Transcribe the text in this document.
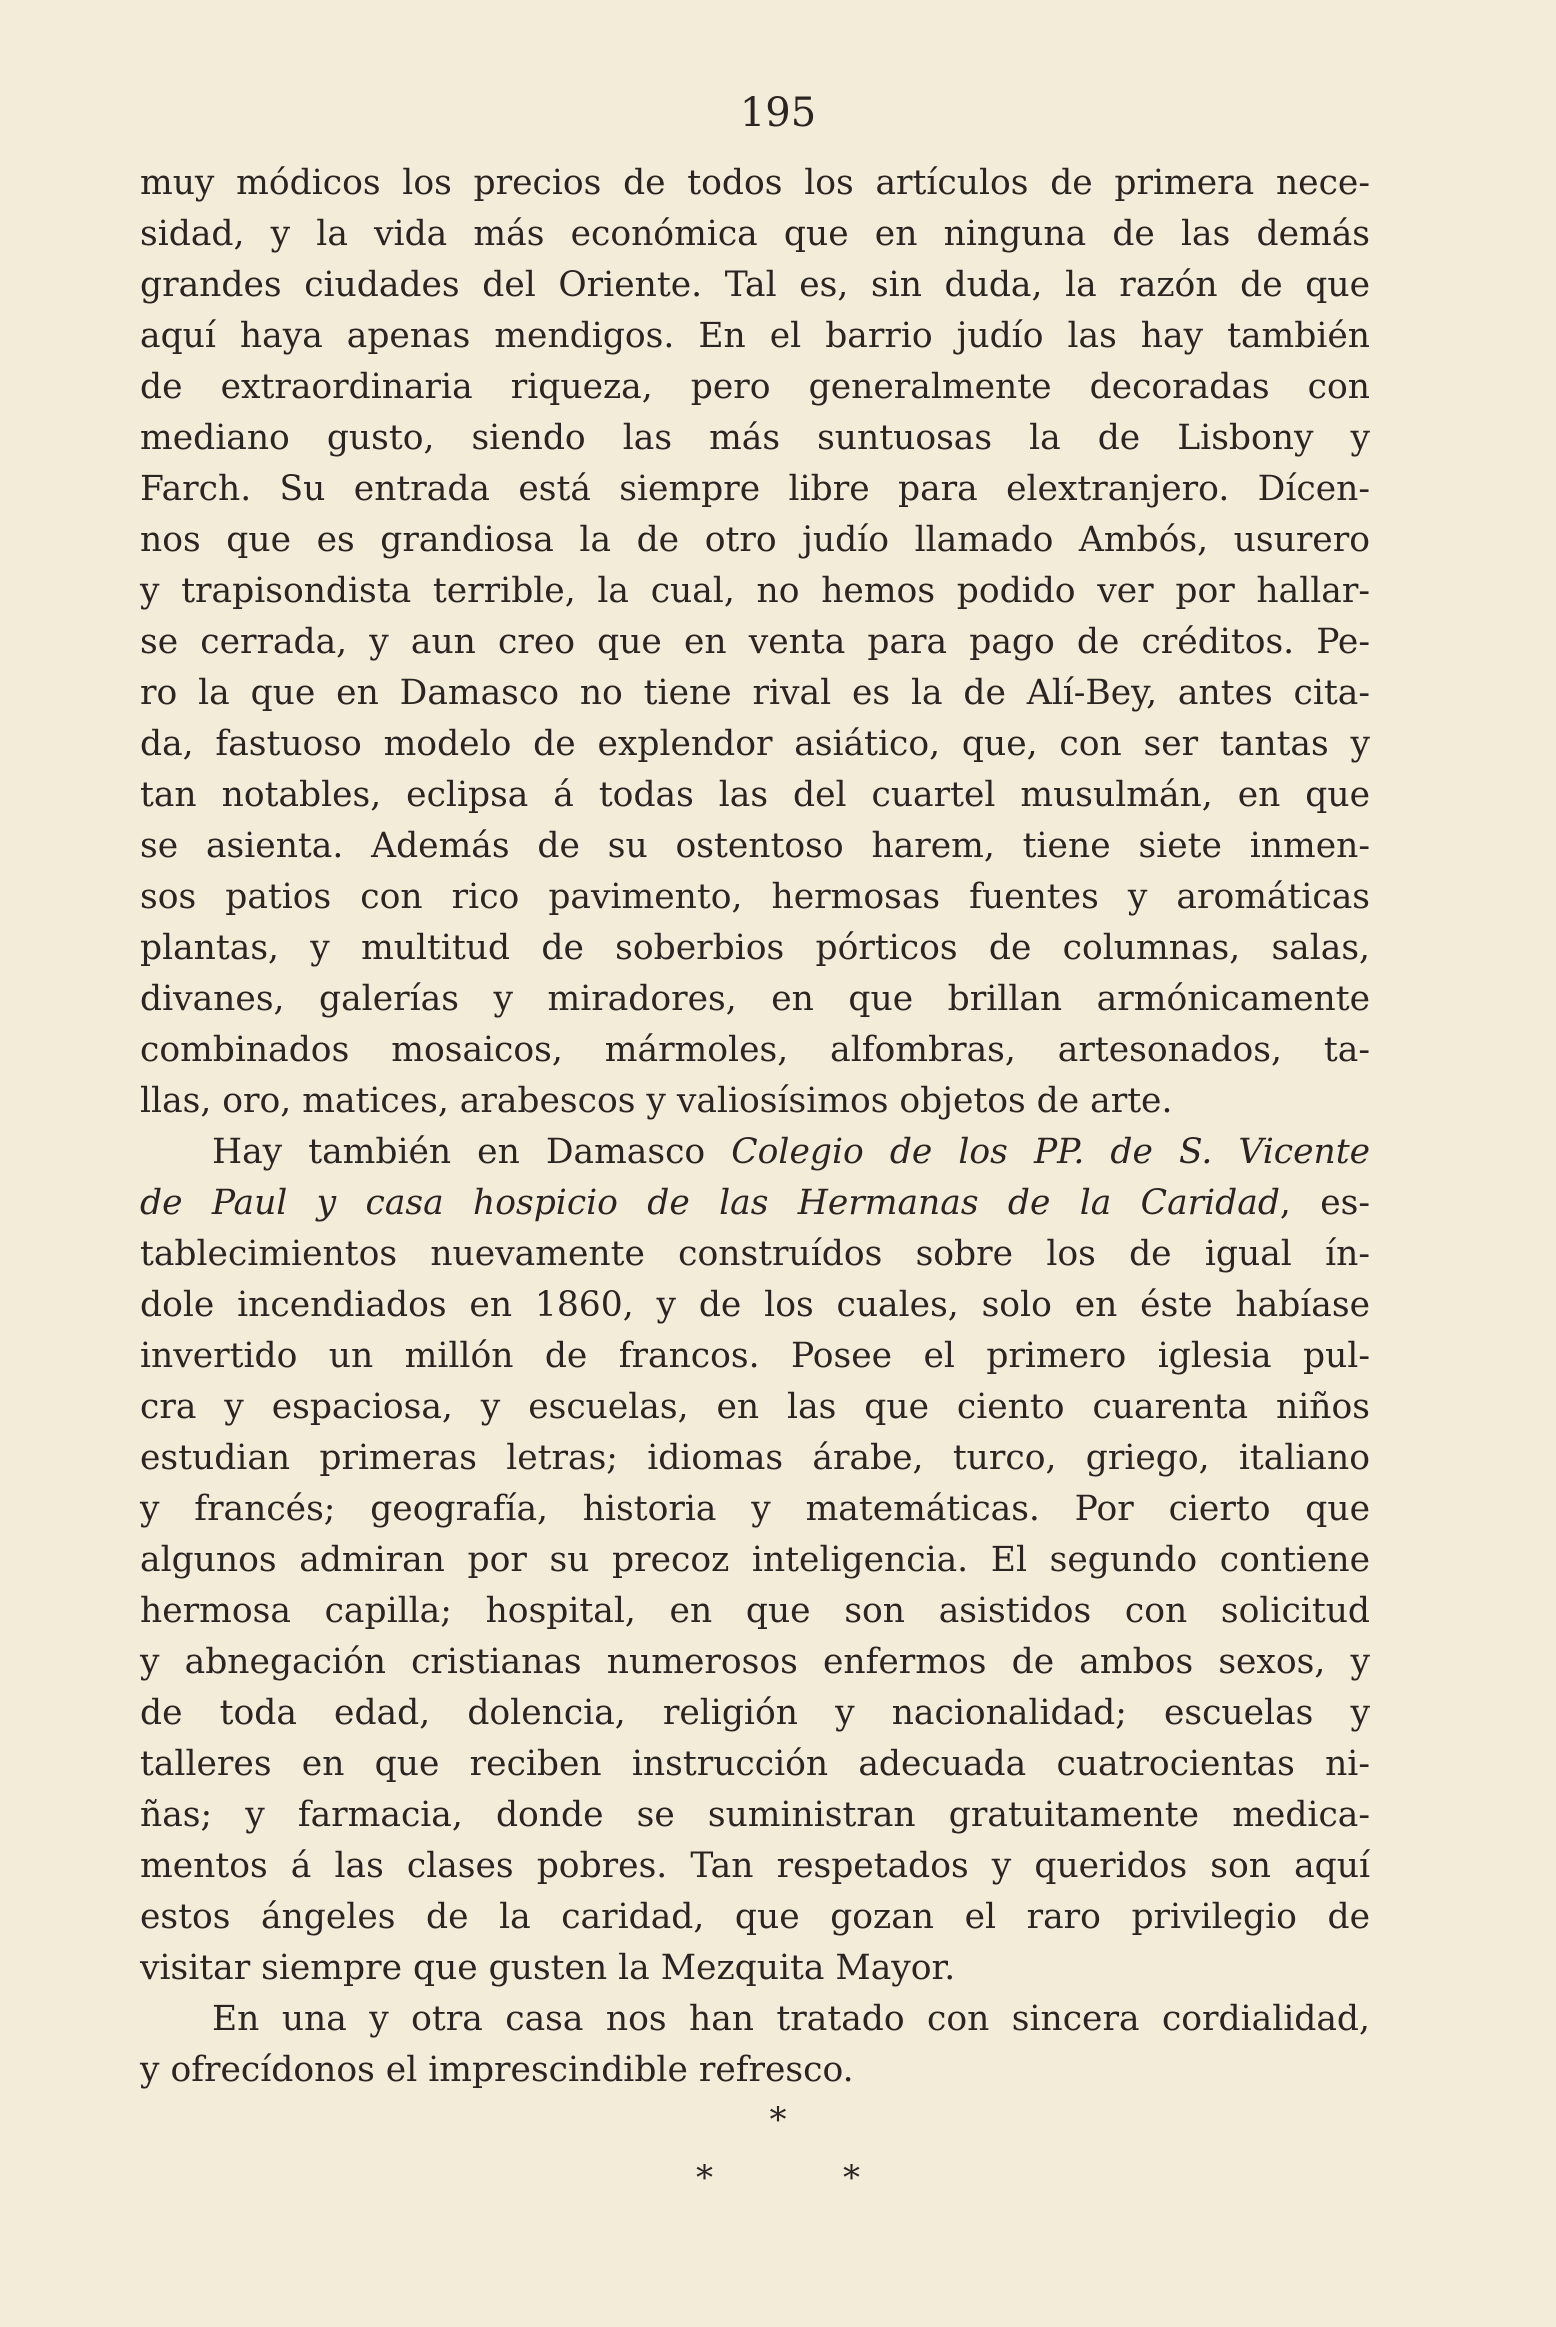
195
muy módicos los precios de todos los artículos de primera nece-
sidad, y la vida más económica que en ninguna de las demás
grandes ciudades del Oriente. Tal es, sin duda, la razón de que
aquí haya apenas mendigos. En el barrio judío las hay también
de extraordinaria riqueza, pero generalmente decoradas con
mediano gusto, siendo las más suntuosas la de Lisbony y
Farch. Su entrada está siempre libre para elextranjero. Dícen-
nos que es grandiosa la de otro judío llamado Ambós, usurero
y trapisondista terrible, la cual, no hemos podido ver por hallar-
se cerrada, y aun creo que en venta para pago de créditos. Pe-
ro la que en Damasco no tiene rival es la de Alí-Bey, antes cita-
da, fastuoso modelo de explendor asiático, que, con ser tantas y
tan notables, eclipsa á todas las del cuartel musulmán, en que
se asienta. Además de su ostentoso harem, tiene siete inmen-
sos patios con rico pavimento, hermosas fuentes y aromáticas
plantas, y multitud de soberbios pórticos de columnas, salas,
divanes, galerías y miradores, en que brillan armónicamente
combinados mosaicos, mármoles, alfombras, artesonados, ta-
llas, oro, matices, arabescos y valiosísimos objetos de arte.
Hay también en Damasco Colegio de los PP. de S. Vicente
de Paul y casa hospicio de las Hermanas de la Caridad, es-
tablecimientos nuevamente construídos sobre los de igual ín-
dole incendiados en 1860, y de los cuales, solo en éste habíase
invertido un millón de francos. Posee el primero iglesia pul-
cra y espaciosa, y escuelas, en las que ciento cuarenta niños
estudian primeras letras; idiomas árabe, turco, griego, italiano
y francés; geografía, historia y matemáticas. Por cierto que
algunos admiran por su precoz inteligencia. El segundo contiene
hermosa capilla; hospital, en que son asistidos con solicitud
y abnegación cristianas numerosos enfermos de ambos sexos, y
de toda edad, dolencia, religión y nacionalidad; escuelas y
talleres en que reciben instrucción adecuada cuatrocientas ni-
ñas; y farmacia, donde se suministran gratuitamente medica-
mentos á las clases pobres. Tan respetados y queridos son aquí
estos ángeles de la caridad, que gozan el raro privilegio de
visitar siempre que gusten la Mezquita Mayor.
En una y otra casa nos han tratado con sincera cordialidad,
y ofrecídonos el imprescindible refresco.
*
*	*
